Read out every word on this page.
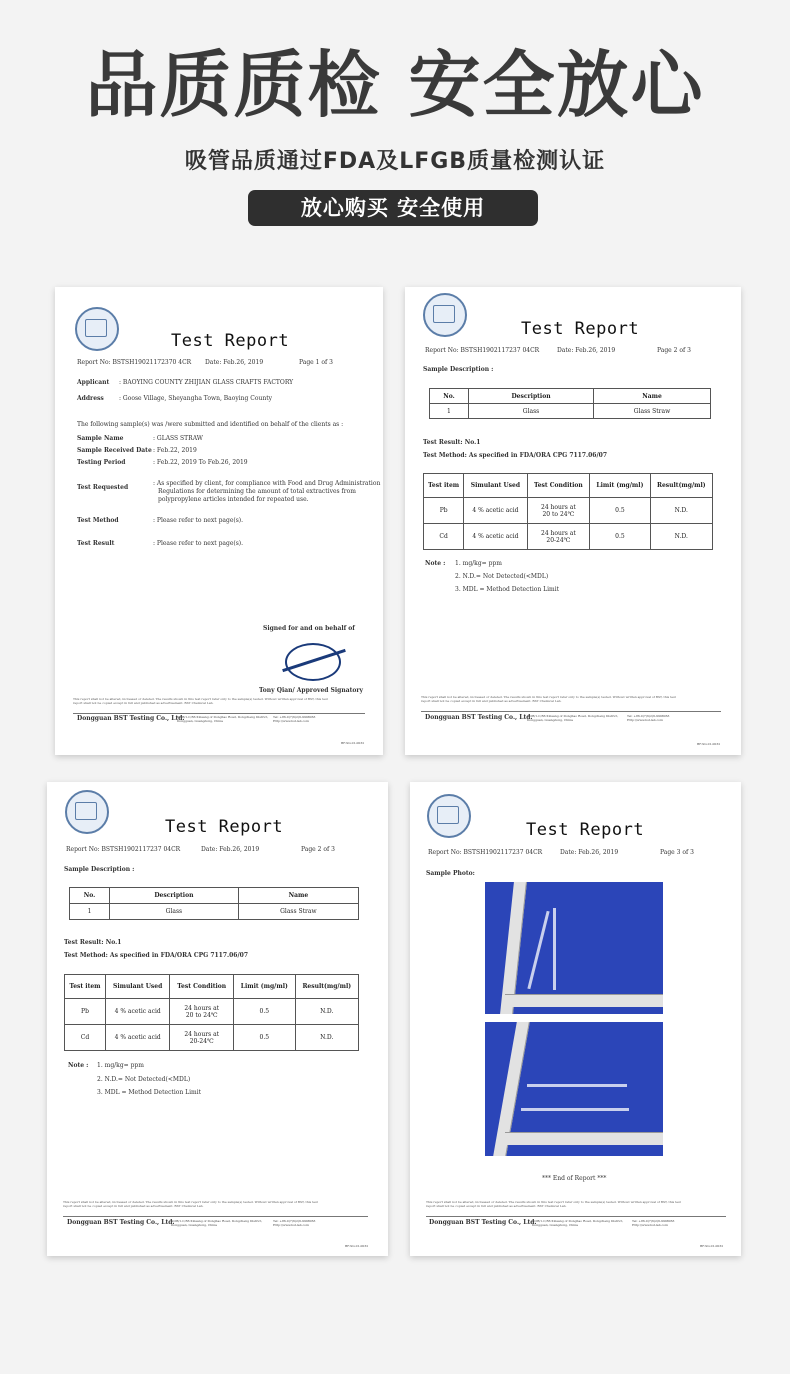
品质质检 安全放心
吸管品质通过FDA及LFGB质量检测认证
放心购买 安全使用
Test Report
Report No: BSTSH19021172370 4CR Date: Feb.26, 2019	Page 1 of 3
Applicant : BAOYING COUNTY ZHIJIAN GLASS CRAFTS FACTORY
Address	: Goose Village, Sheyangha Town, Baoying County
The following sample(s) was /were submitted and identified on behalf of the clients as :
Sample Name	: GLASS STRAW
Sample Received Date : Feb.22, 2019
Testing Period	: Feb.22, 2019 To Feb.26, 2019
Test Requested
: As specified by client, for compliance with Food and Drug Administration
Regulations for determining the amount of total extractives from
polypropylene articles intended for repeated use.
Test Method	: Please refer to next page(s).
Test Result	: Please refer to next page(s).
Signed for and on behalf of
Tony Qian/ Approved Signatory
This report shall not be altered, increased or deleted. The results shown in this test report refer only to the sample(s) tested. Without written approval of BST, this test
report shall not be copied except in full and published as advertisement. BST Chemical Lab.
Dongguan BST Testing Co., Ltd.
A/2B/1-C,B6 Xinsang of Donghao Road, Dongcheng District,
Dongguan, Guangdong, China
Tel: +86-0(7)6(2)6-9998063
Http://www.bst-lab.com
BF-SG-01-0032
Test Report
Report No: BSTSH1902117237 04CR	Date: Feb.26, 2019	Page 2 of 3
Sample Description :
No.	Description	Name
1	Glass	Glass Straw
Test Result: No.1
Test Method: As specified in FDA/ORA CPG 7117.06/07
Test item	Simulant Used	Test Condition	Limit (mg/ml)	Result(mg/ml)
Pb	4 % acetic acid	24 hours at
20 to 24℃	0.5	N.D.
Cd	4 % acetic acid	24 hours at
20-24℃	0.5	N.D.
Note : 1. mg/kg= ppm
2. N.D.= Not Detected(<MDL)
3. MDL = Method Detection Limit
This report shall not be altered, increased or deleted. The results shown in this test report refer only to the sample(s) tested. Without written approval of BST, this test
report shall not be copied except in full and published as advertisement. BST Chemical Lab.
Dongguan BST Testing Co., Ltd.
A/2B/1-C,B6 Xinsang of Donghao Road, Dongcheng District,
Dongguan, Guangdong, China
Tel: +86-0(7)6(2)6-9998063
Http://www.bst-lab.com
BF-SG-01-0032
Test Report
Report No: BSTSH1902117237 04CR	Date: Feb.26, 2019	Page 2 of 3
Sample Description :
No.	Description	Name
1	Glass	Glass Straw
Test Result: No.1
Test Method: As specified in FDA/ORA CPG 7117.06/07
Test item	Simulant Used	Test Condition	Limit (mg/ml)	Result(mg/ml)
Pb	4 % acetic acid	24 hours at
20 to 24℃	0.5	N.D.
Cd	4 % acetic acid	24 hours at
20-24℃	0.5	N.D.
Note : 1. mg/kg= ppm
2. N.D.= Not Detected(<MDL)
3. MDL = Method Detection Limit
This report shall not be altered, increased or deleted. The results shown in this test report refer only to the sample(s) tested. Without written approval of BST, this test
report shall not be copied except in full and published as advertisement. BST Chemical Lab.
Dongguan BST Testing Co., Ltd.
A/2B/1-C,B6 Xinsang of Donghao Road, Dongcheng District,
Dongguan, Guangdong, China
Tel: +86-0(7)6(2)6-9998063
Http://www.bst-lab.com
BF-SG-01-0032
Test Report
Report No: BSTSH1902117237 04CR	Date: Feb.26, 2019	Page 3 of 3
Sample Photo:
*** End of Report ***
This report shall not be altered, increased or deleted. The results shown in this test report refer only to the sample(s) tested. Without written approval of BST, this test
report shall not be copied except in full and published as advertisement. BST Chemical Lab.
Dongguan BST Testing Co., Ltd.
A/2B/1-C,B6 Xinsang of Donghao Road, Dongcheng District,
Dongguan, Guangdong, China
Tel: +86-0(7)6(2)6-9998063
Http://www.bst-lab.com
BF-SG-01-0032
